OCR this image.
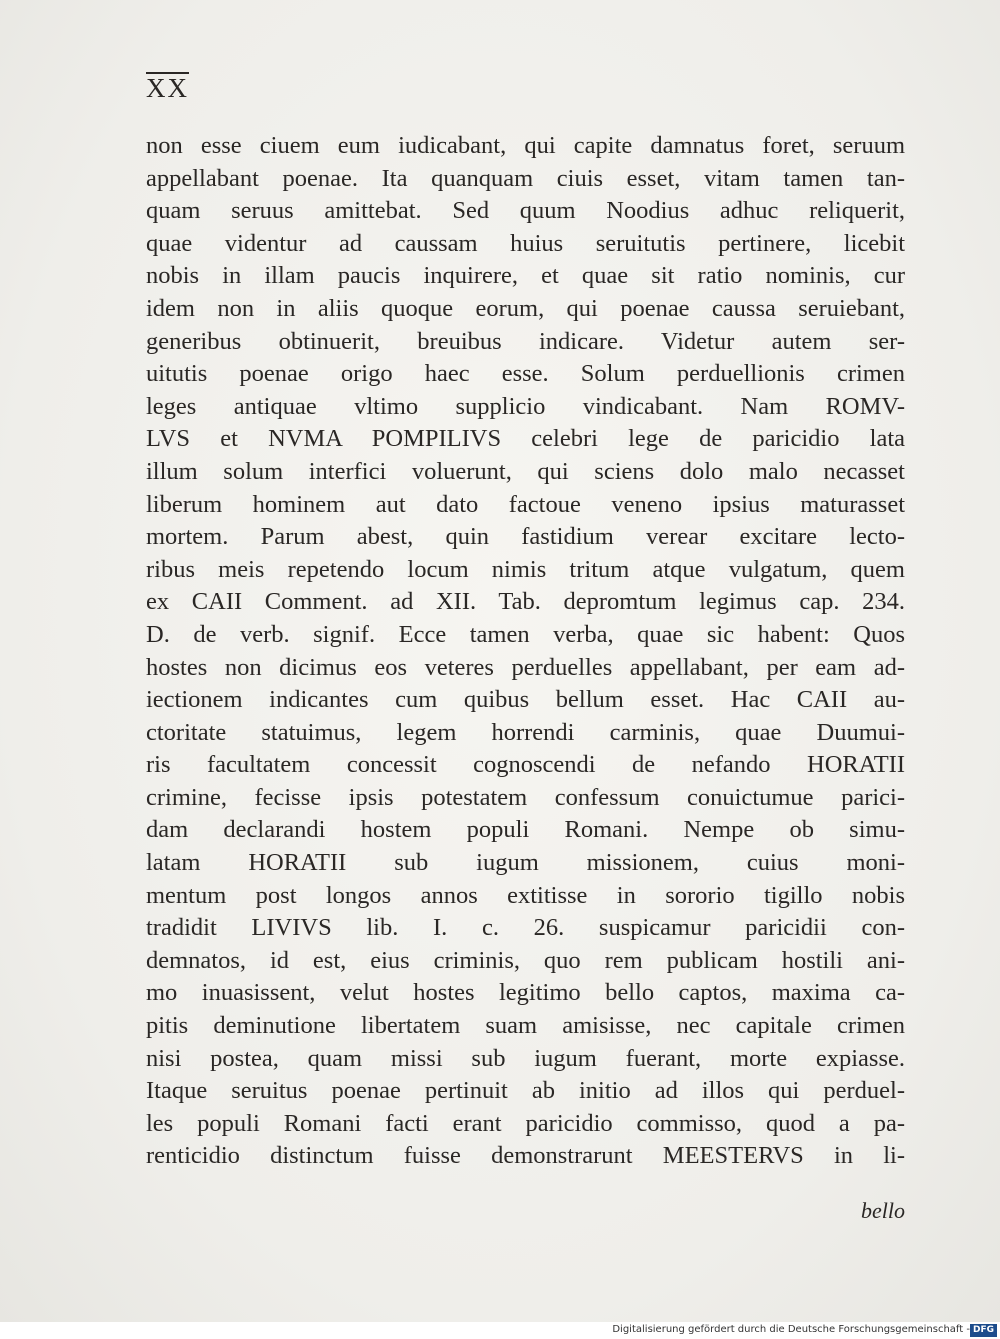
XX
non esse ciuem eum iudicabant, qui capite damnatus foret, seruum
appellabant poenae. Ita quanquam ciuis esset, vitam tamen tan-
quam seruus amittebat. Sed quum Noodius adhuc reliquerit,
quae videntur ad caussam huius seruitutis pertinere, licebit
nobis in illam paucis inquirere, et quae sit ratio nominis, cur
idem non in aliis quoque eorum, qui poenae caussa seruiebant,
generibus obtinuerit, breuibus indicare. Videtur autem ser-
uitutis poenae origo haec esse. Solum perduellionis crimen
leges antiquae vltimo supplicio vindicabant. Nam ROMV-
LVS et NVMA POMPILIVS celebri lege de paricidio lata
illum solum interfici voluerunt, qui sciens dolo malo necasset
liberum hominem aut dato factoue veneno ipsius maturasset
mortem. Parum abest, quin fastidium verear excitare lecto-
ribus meis repetendo locum nimis tritum atque vulgatum, quem
ex CAII Comment. ad XII. Tab. depromtum legimus cap. 234.
D. de verb. signif. Ecce tamen verba, quae sic habent: Quos
hostes non dicimus eos veteres perduelles appellabant, per eam ad-
iectionem indicantes cum quibus bellum esset. Hac CAII au-
ctoritate statuimus, legem horrendi carminis, quae Duumui-
ris facultatem concessit cognoscendi de nefando HORATII
crimine, fecisse ipsis potestatem confessum conuictumue parici-
dam declarandi hostem populi Romani. Nempe ob simu-
latam HORATII sub iugum missionem, cuius moni-
mentum post longos annos extitisse in sororio tigillo nobis
tradidit LIVIVS lib. I. c. 26. suspicamur paricidii con-
demnatos, id est, eius criminis, quo rem publicam hostili ani-
mo inuasissent, velut hostes legitimo bello captos, maxima ca-
pitis deminutione libertatem suam amisisse, nec capitale crimen
nisi postea, quam missi sub iugum fuerant, morte expiasse.
Itaque seruitus poenae pertinuit ab initio ad illos qui perduel-
les populi Romani facti erant paricidio commisso, quod a pa-
renticidio distinctum fuisse demonstrarunt MEESTERVS in li-
bello
Digitalisierung gefördert durch die Deutsche Forschungsgemeinschaft - DFG
